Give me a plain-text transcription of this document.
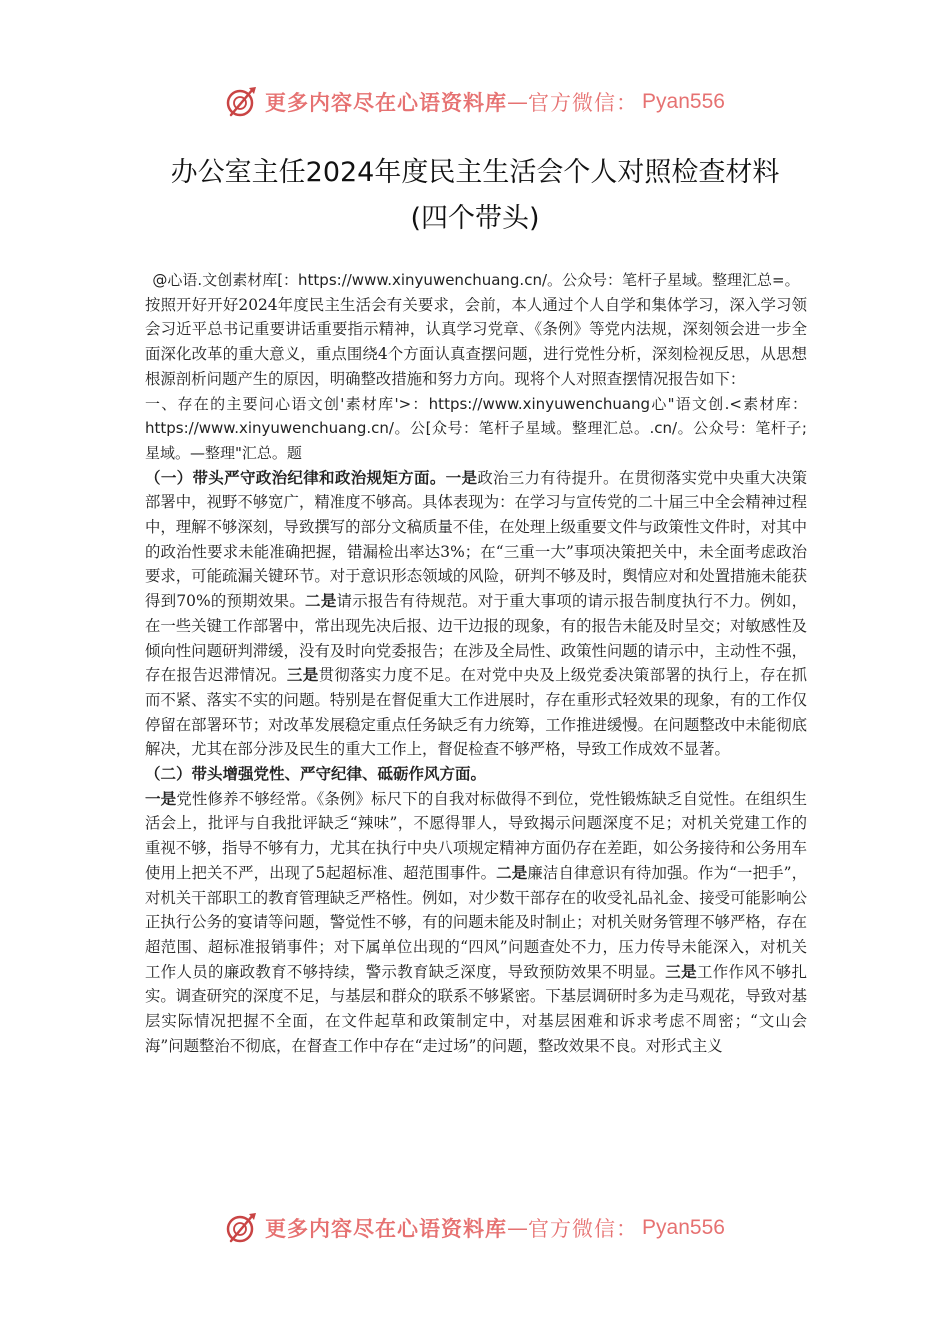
更多内容尽在心语资料库 — 官方微信： Pyan556
办公室主任2024年度民主生活会个人对照检查材料
(四个带头)

@心语.文创素材库[：https://www.xinyuwenchuang.cn/。公众号：笔杆子星域。整理汇总=。

按照开好开好2024年度民主生活会有关要求，会前，本人通过个人自学和集体学习，深入学习领会习近平总书记重要讲话重要指示精神，认真学习党章、《条例》等党内法规，深刻领会进一步全面深化改革的重大意义，重点围绕4个方面认真查摆问题，进行党性分析，深刻检视反思，从思想根源剖析问题产生的原因，明确整改措施和努力方向。现将个人对照查摆情况报告如下：

一、存在的主要问心语文创'素材库'>：https://www.xinyuwenchuang心"语文创.<素材库：https://www.xinyuwenchuang.cn/。公[众号：笔杆子星域。整理汇总。.cn/。公众号：笔杆子;星域。—整理"汇总。题

（一）带头严守政治纪律和政治规矩方面。一是政治三力有待提升。在贯彻落实党中央重大决策部署中，视野不够宽广，精准度不够高。具体表现为：在学习与宣传党的二十届三中全会精神过程中，理解不够深刻，导致撰写的部分文稿质量不佳，在处理上级重要文件与政策性文件时，对其中的政治性要求未能准确把握，错漏检出率达3%；在“三重一大”事项决策把关中，未全面考虑政治要求，可能疏漏关键环节。对于意识形态领域的风险，研判不够及时，舆情应对和处置措施未能获得到70%的预期效果。二是请示报告有待规范。对于重大事项的请示报告制度执行不力。例如，在一些关键工作部署中，常出现先决后报、边干边报的现象，有的报告未能及时呈交；对敏感性及倾向性问题研判滞缓，没有及时向党委报告；在涉及全局性、政策性问题的请示中，主动性不强，存在报告迟滞情况。三是贯彻落实力度不足。在对党中央及上级党委决策部署的执行上，存在抓而不紧、落实不实的问题。特别是在督促重大工作进展时，存在重形式轻效果的现象，有的工作仅停留在部署环节；对改革发展稳定重点任务缺乏有力统筹，工作推进缓慢。在问题整改中未能彻底解决，尤其在部分涉及民生的重大工作上，督促检查不够严格，导致工作成效不显著。

（二）带头增强党性、严守纪律、砥砺作风方面。

一是党性修养不够经常。《条例》标尺下的自我对标做得不到位，党性锻炼缺乏自觉性。在组织生活会上，批评与自我批评缺乏“辣味”，不愿得罪人，导致揭示问题深度不足；对机关党建工作的重视不够，指导不够有力，尤其在执行中央八项规定精神方面仍存在差距，如公务接待和公务用车使用上把关不严，出现了5起超标准、超范围事件。二是廉洁自律意识有待加强。作为“一把手”，对机关干部职工的教育管理缺乏严格性。例如，对少数干部存在的收受礼品礼金、接受可能影响公正执行公务的宴请等问题，警觉性不够，有的问题未能及时制止；对机关财务管理不够严格，存在超范围、超标准报销事件；对下属单位出现的“四风”问题查处不力，压力传导未能深入，对机关工作人员的廉政教育不够持续，警示教育缺乏深度，导致预防效果不明显。三是工作作风不够扎实。调查研究的深度不足，与基层和群众的联系不够紧密。下基层调研时多为走马观花，导致对基层实际情况把握不全面，在文件起草和政策制定中，对基层困难和诉求考虑不周密；“文山会海”问题整治不彻底，在督查工作中存在“走过场”的问题，整改效果不良。对形式主义

更多内容尽在心语资料库 — 官方微信： Pyan556
